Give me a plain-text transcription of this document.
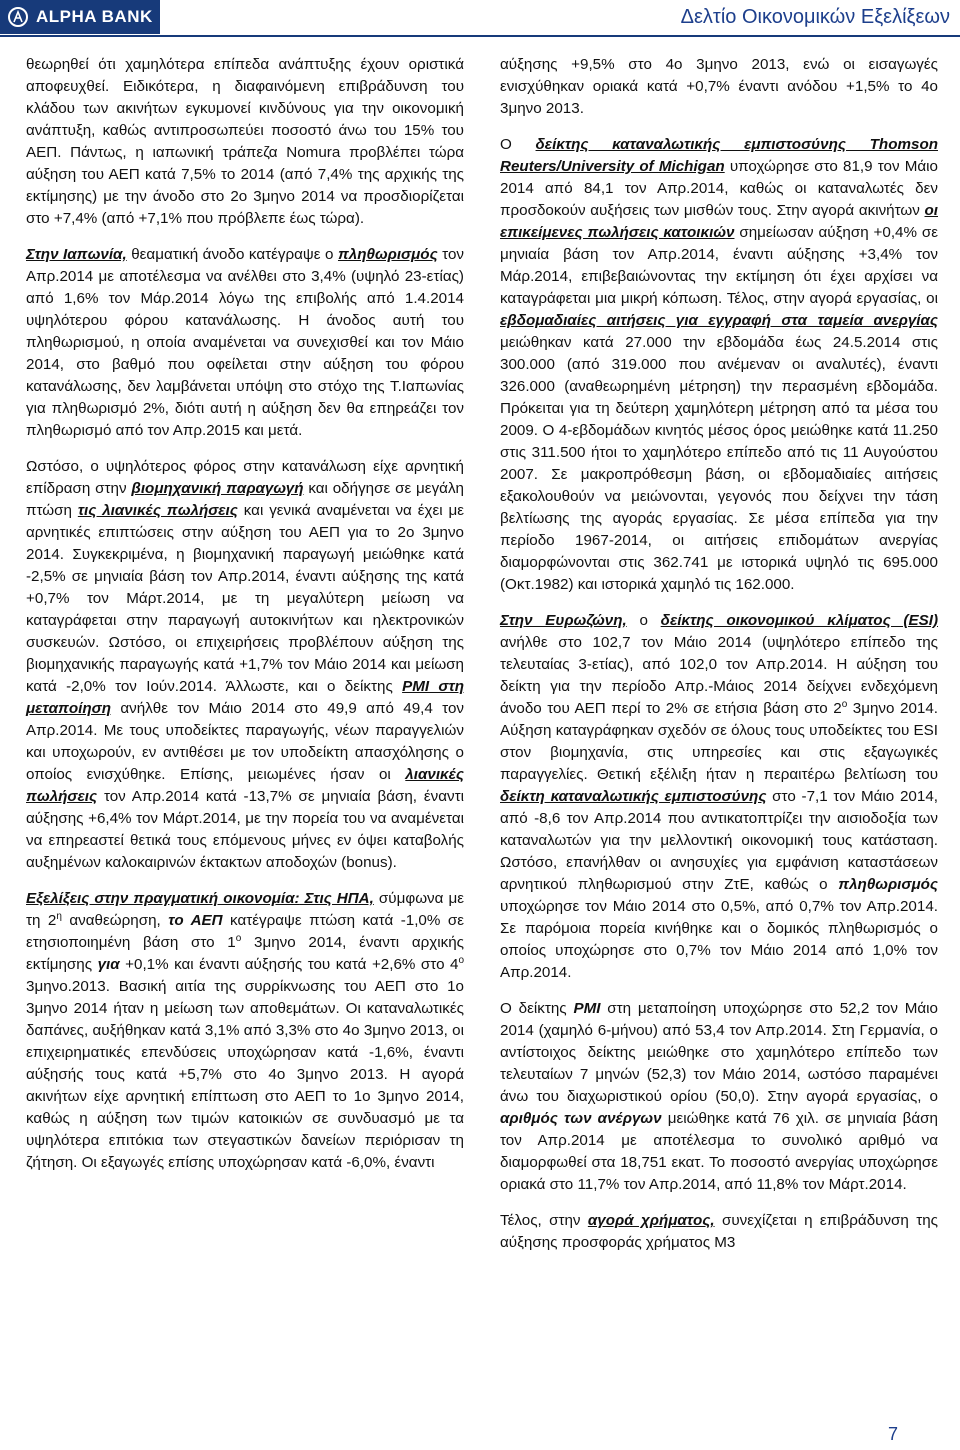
ALPHA BANK	Δελτίο Οικονομικών Εξελίξεων

θεωρηθεί ότι χαμηλότερα επίπεδα ανάπτυξης έχουν οριστικά αποφευχθεί. Ειδικότερα, η διαφαινόμενη επιβράδυνση του κλάδου των ακινήτων εγκυμονεί κινδύνους για την οικονομική ανάπτυξη, καθώς αντιπροσωπεύει ποσοστό άνω του 15% του ΑΕΠ. Πάντως, η ιαπωνική τράπεζα Nomura προβλέπει τώρα αύξηση του ΑΕΠ κατά 7,5% το 2014 (από 7,4% της αρχικής της εκτίμησης) με την άνοδο στο 2ο 3μηνο 2014 να προσδιορίζεται στο +7,4% (από +7,1% που πρόβλεπε έως τώρα).

Στην Ιαπωνία, θεαματική άνοδο κατέγραψε ο πληθωρισμός τον Απρ.2014 με αποτέλεσμα να ανέλθει στο 3,4% (υψηλό 23-ετίας) από 1,6% τον Μάρ.2014 λόγω της επιβολής από 1.4.2014 υψηλότερου φόρου κατανάλωσης. Η άνοδος αυτή του πληθωρισμού, η οποία αναμένεται να συνεχισθεί και τον Μάιο 2014, στο βαθμό που οφείλεται στην αύξηση του φόρου κατανάλωσης, δεν λαμβάνεται υπόψη στο στόχο της Τ.Ιαπωνίας για πληθωρισμό 2%, διότι αυτή η αύξηση δεν θα επηρεάζει τον πληθωρισμό από τον Απρ.2015 και μετά.

Ωστόσο, ο υψηλότερος φόρος στην κατανάλωση είχε αρνητική επίδραση στην βιομηχανική παραγωγή και οδήγησε σε μεγάλη πτώση τις λιανικές πωλήσεις και γενικά αναμένεται να έχει με αρνητικές επιπτώσεις στην αύξηση του ΑΕΠ για το 2ο 3μηνο 2014. Συγκεκριμένα, η βιομηχανική παραγωγή μειώθηκε κατά -2,5% σε μηνιαία βάση τον Απρ.2014, έναντι αύξησης της κατά +0,7% τον Μάρτ.2014, με τη μεγαλύτερη μείωση να καταγράφεται στην παραγωγή αυτοκινήτων και ηλεκτρονικών συσκευών. Ωστόσο, οι επιχειρήσεις προβλέπουν αύξηση της βιομηχανικής παραγωγής κατά +1,7% τον Μάιο 2014 και μείωση κατά -2,0% τον Ιούν.2014. Άλλωστε, και ο δείκτης PMI στη μεταποίηση ανήλθε τον Μάιο 2014 στο 49,9 από 49,4 τον Απρ.2014. Με τους υποδείκτες παραγωγής, νέων παραγγελιών και υποχωρούν, εν αντιθέσει με τον υποδείκτη απασχόλησης ο οποίος ενισχύθηκε. Επίσης, μειωμένες ήσαν οι λιανικές πωλήσεις τον Απρ.2014 κατά -13,7% σε μηνιαία βάση, έναντι αύξησης +6,4% τον Μάρτ.2014, με την πορεία του να αναμένεται να επηρεαστεί θετικά τους επόμενους μήνες εν όψει καταβολής αυξημένων καλοκαιρινών έκτακτων αποδοχών (bonus).

Εξελίξεις στην πραγματική οικονομία: Στις ΗΠΑ, σύμφωνα με τη $2^\eta$ αναθεώρηση, το ΑΕΠ κατέγραψε πτώση κατά -1,0% σε ετησιοποιημένη βάση στο $1^o$ 3μηνο 2014, έναντι αρχικής εκτίμησης για +0,1% και έναντι αύξησής του κατά +2,6% στο $4^o$ 3μηνο.2013. Βασική αιτία της συρρίκνωσης του ΑΕΠ στο 1ο 3μηνο 2014 ήταν η μείωση των αποθεμάτων. Οι καταναλωτικές δαπάνες, αυξήθηκαν κατά 3,1% από 3,3% στο 4ο 3μηνο 2013, οι επιχειρηματικές επενδύσεις υποχώρησαν κατά -1,6%, έναντι αύξησής τους κατά +5,7% στο 4ο 3μηνο 2013. Η αγορά ακινήτων είχε αρνητική επίπτωση στο ΑΕΠ το 1ο 3μηνο 2014, καθώς η αύξηση των τιμών κατοικιών σε συνδυασμό με τα υψηλότερα επιτόκια των στεγαστικών δανείων περιόρισαν τη ζήτηση. Οι εξαγωγές επίσης υποχώρησαν κατά -6,0%, έναντι

αύξησης +9,5% στο 4ο 3μηνο 2013, ενώ οι εισαγωγές ενισχύθηκαν οριακά κατά +0,7% έναντι ανόδου +1,5% το 4ο 3μηνο 2013.

Ο δείκτης καταναλωτικής εμπιστοσύνης Thomson Reuters/University of Michigan υποχώρησε στο 81,9 τον Μάιο 2014 από 84,1 τον Απρ.2014, καθώς οι καταναλωτές δεν προσδοκούν αυξήσεις των μισθών τους. Στην αγορά ακινήτων οι επικείμενες πωλήσεις κατοικιών σημείωσαν αύξηση +0,4% σε μηνιαία βάση τον Απρ.2014, έναντι αύξησης +3,4% τον Μάρ.2014, επιβεβαιώνοντας την εκτίμηση ότι έχει αρχίσει να καταγράφεται μια μικρή κόπωση. Τέλος, στην αγορά εργασίας, οι εβδομαδιαίες αιτήσεις για εγγραφή στα ταμεία ανεργίας μειώθηκαν κατά 27.000 την εβδομάδα έως 24.5.2014 στις 300.000 (από 319.000 που ανέμεναν οι αναλυτές), έναντι 326.000 (αναθεωρημένη μέτρηση) την περασμένη εβδομάδα. Πρόκειται για τη δεύτερη χαμηλότερη μέτρηση από τα μέσα του 2009. Ο 4-εβδομάδων κινητός μέσος όρος μειώθηκε κατά 11.250 στις 311.500 ήτοι το χαμηλότερο επίπεδο από τις 11 Αυγούστου 2007. Σε μακροπρόθεσμη βάση, οι εβδομαδιαίες αιτήσεις εξακολουθούν να μειώνονται, γεγονός που δείχνει την τάση βελτίωσης της αγοράς εργασίας. Σε μέσα επίπεδα για την περίοδο 1967-2014, οι αιτήσεις επιδομάτων ανεργίας διαμορφώνονται στις 362.741 με ιστορικά υψηλό τις 695.000 (Οκτ.1982) και ιστορικά χαμηλό τις 162.000.

Στην Ευρωζώνη, ο δείκτης οικονομικού κλίματος (ESI) ανήλθε στο 102,7 τον Μάιο 2014 (υψηλότερο επίπεδο της τελευταίας 3-ετίας), από 102,0 τον Απρ.2014. Η αύξηση του δείκτη για την περίοδο Απρ.-Μάιος 2014 δείχνει ενδεχόμενη άνοδο του ΑΕΠ περί το 2% σε ετήσια βάση στο $2^o$ 3μηνο 2014. Αύξηση καταγράφηκαν σχεδόν σε όλους τους υποδείκτες του ESI στον βιομηχανία, στις υπηρεσίες και στις εξαγωγικές παραγγελίες. Θετική εξέλιξη ήταν η περαιτέρω βελτίωση του δείκτη καταναλωτικής εμπιστοσύνης στο -7,1 τον Μάιο 2014, από -8,6 τον Απρ.2014 που αντικατοπτρίζει την αισιοδοξία των καταναλωτών για την μελλοντική οικονομική τους κατάσταση. Ωστόσο, επανήλθαν οι ανησυχίες για εμφάνιση καταστάσεων αρνητικού πληθωρισμού στην ΖτΕ, καθώς ο πληθωρισμός υποχώρησε τον Μάιο 2014 στο 0,5%, από 0,7% τον Απρ.2014. Σε παρόμοια πορεία κινήθηκε και ο δομικός πληθωρισμός ο οποίος υποχώρησε στο 0,7% τον Μάιο 2014 από 1,0% τον Απρ.2014.

Ο δείκτης PMI στη μεταποίηση υποχώρησε στο 52,2 τον Μάιο 2014 (χαμηλό 6-μήνου) από 53,4 τον Απρ.2014. Στη Γερμανία, ο αντίστοιχος δείκτης μειώθηκε στο χαμηλότερο επίπεδο των τελευταίων 7 μηνών (52,3) τον Μάιο 2014, ωστόσο παραμένει άνω του διαχωριστικού ορίου (50,0). Στην αγορά εργασίας, ο αριθμός των ανέργων μειώθηκε κατά 76 χιλ. σε μηνιαία βάση τον Απρ.2014 με αποτέλεσμα το συνολικό αριθμό να διαμορφωθεί στα 18,751 εκατ. Το ποσοστό ανεργίας υποχώρησε οριακά στο 11,7% τον Απρ.2014, από 11,8% τον Μάρτ.2014.

Τέλος, στην αγορά χρήματος, συνεχίζεται η επιβράδυνση της αύξησης προσφοράς χρήματος Μ3

7
